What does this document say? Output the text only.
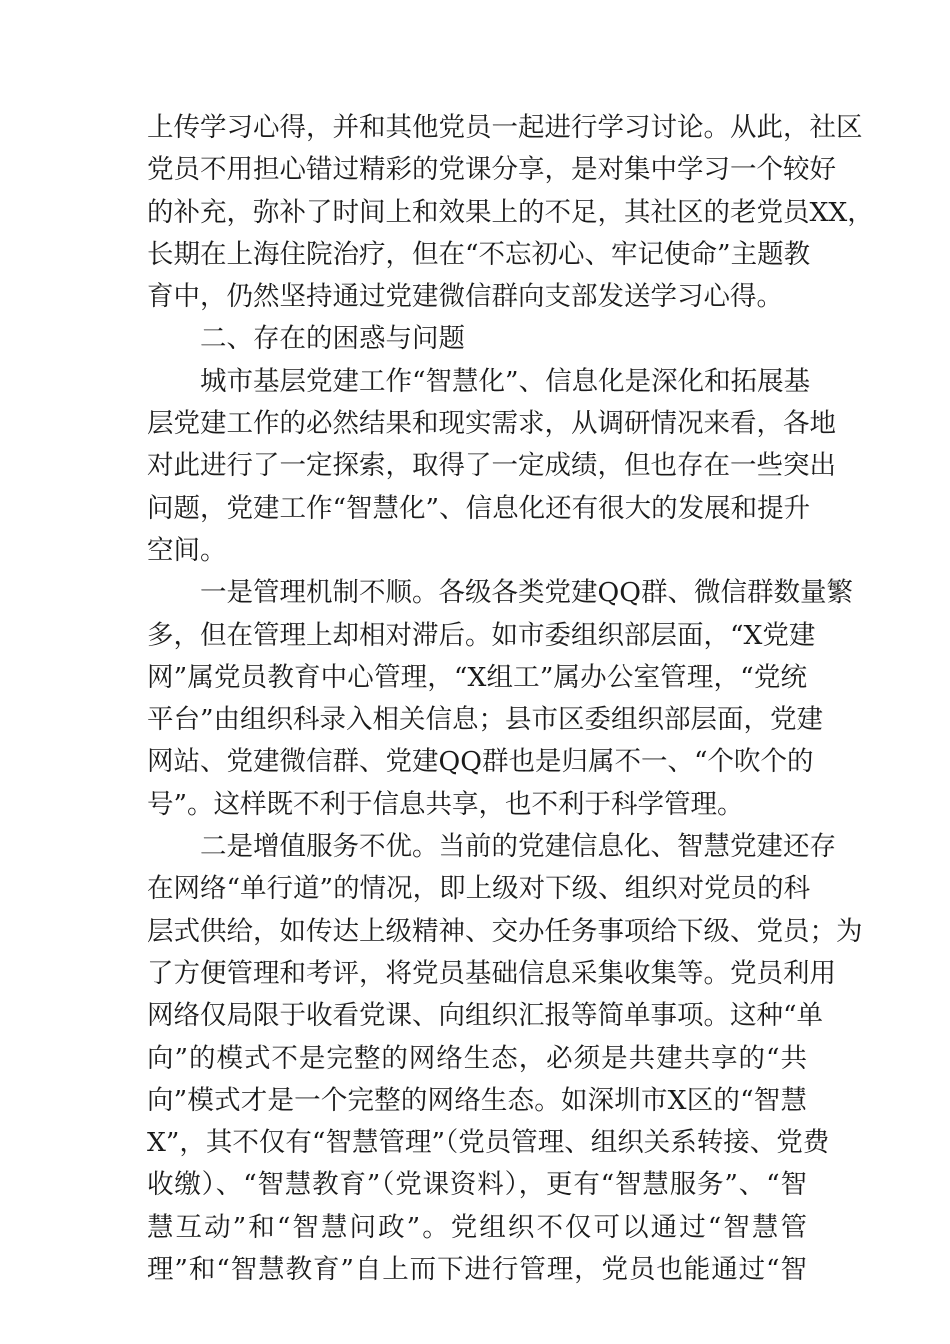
上传学习心得，并和其他党员一起进行学习讨论。从此，社区
党员不用担心错过精彩的党课分享，是对集中学习一个较好
的补充，弥补了时间上和效果上的不足，其社区的老党员XX，
长期在上海住院治疗，但在“不忘初心、牢记使命”主题教
育中，仍然坚持通过党建微信群向支部发送学习心得。
二、存在的困惑与问题
城市基层党建工作“智慧化”、信息化是深化和拓展基
层党建工作的必然结果和现实需求，从调研情况来看，各地
对此进行了一定探索，取得了一定成绩，但也存在一些突出
问题，党建工作“智慧化”、信息化还有很大的发展和提升
空间。
一是管理机制不顺。各级各类党建QQ群、微信群数量繁
多，但在管理上却相对滞后。如市委组织部层面，“X党建
网”属党员教育中心管理，“X组工”属办公室管理，“党统
平台”由组织科录入相关信息；县市区委组织部层面，党建
网站、党建微信群、党建QQ群也是归属不一、“个吹个的
号”。这样既不利于信息共享，也不利于科学管理。
二是增值服务不优。当前的党建信息化、智慧党建还存
在网络“单行道”的情况，即上级对下级、组织对党员的科
层式供给，如传达上级精神、交办任务事项给下级、党员；为
了方便管理和考评，将党员基础信息采集收集等。党员利用
网络仅局限于收看党课、向组织汇报等简单事项。这种“单
向”的模式不是完整的网络生态，必须是共建共享的“共
向”模式才是一个完整的网络生态。如深圳市X区的“智慧
X”，其不仅有“智慧管理”（党员管理、组织关系转接、党费
收缴）、“智慧教育”（党课资料），更有“智慧服务”、“智
慧互动”和“智慧问政”。党组织不仅可以通过“智慧管
理”和“智慧教育”自上而下进行管理，党员也能通过“智
